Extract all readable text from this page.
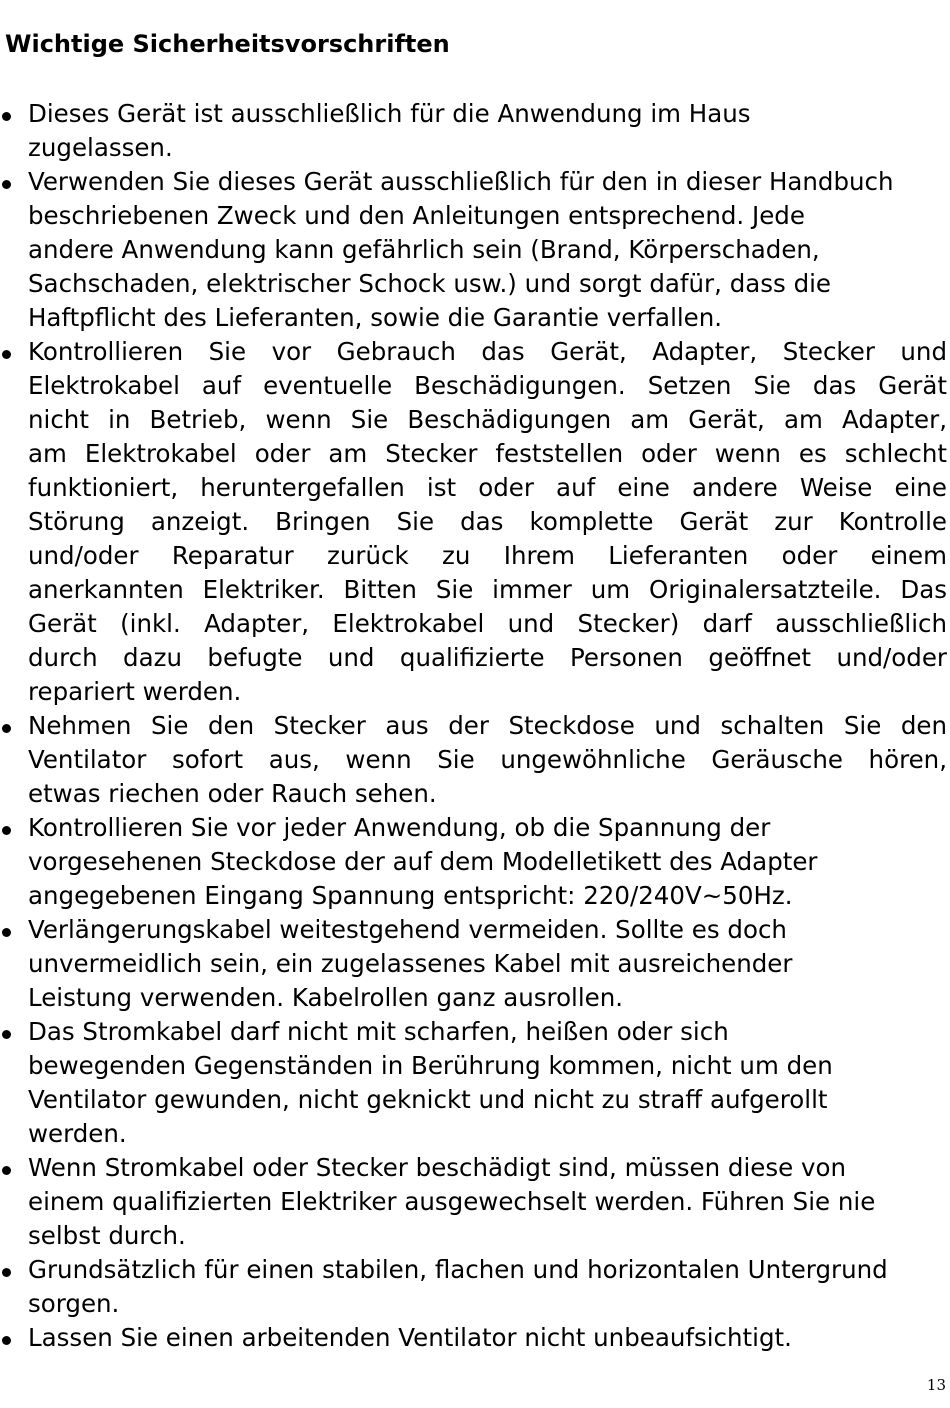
Wichtige Sicherheitsvorschriften
Dieses Gerät ist ausschließlich für die Anwendung im Haus
zugelassen.
Verwenden Sie dieses Gerät ausschließlich für den in dieser Handbuch
beschriebenen Zweck und den Anleitungen entsprechend. Jede
andere Anwendung kann gefährlich sein (Brand, Körperschaden,
Sachschaden, elektrischer Schock usw.) und sorgt dafür, dass die
Haftpflicht des Lieferanten, sowie die Garantie verfallen.
Kontrollieren Sie vor Gebrauch das Gerät, Adapter, Stecker und
Elektrokabel auf eventuelle Beschädigungen. Setzen Sie das Gerät
nicht in Betrieb, wenn Sie Beschädigungen am Gerät, am Adapter,
am Elektrokabel oder am Stecker feststellen oder wenn es schlecht
funktioniert, heruntergefallen ist oder auf eine andere Weise eine
Störung anzeigt. Bringen Sie das komplette Gerät zur Kontrolle
und/oder Reparatur zurück zu Ihrem Lieferanten oder einem
anerkannten Elektriker. Bitten Sie immer um Originalersatzteile. Das
Gerät (inkl. Adapter, Elektrokabel und Stecker) darf ausschließlich
durch dazu befugte und qualifizierte Personen geöffnet und/oder
repariert werden.
Nehmen Sie den Stecker aus der Steckdose und schalten Sie den
Ventilator sofort aus, wenn Sie ungewöhnliche Geräusche hören,
etwas riechen oder Rauch sehen.
Kontrollieren Sie vor jeder Anwendung, ob die Spannung der
vorgesehenen Steckdose der auf dem Modelletikett des Adapter
angegebenen Eingang Spannung entspricht: 220/240V~50Hz.
Verlängerungskabel weitestgehend vermeiden. Sollte es doch
unvermeidlich sein, ein zugelassenes Kabel mit ausreichender
Leistung verwenden. Kabelrollen ganz ausrollen.
Das Stromkabel darf nicht mit scharfen, heißen oder sich
bewegenden Gegenständen in Berührung kommen, nicht um den
Ventilator gewunden, nicht geknickt und nicht zu straff aufgerollt
werden.
Wenn Stromkabel oder Stecker beschädigt sind, müssen diese von
einem qualifizierten Elektriker ausgewechselt werden. Führen Sie nie
selbst durch.
Grundsätzlich für einen stabilen, flachen und horizontalen Untergrund
sorgen.
Lassen Sie einen arbeitenden Ventilator nicht unbeaufsichtigt.
13
